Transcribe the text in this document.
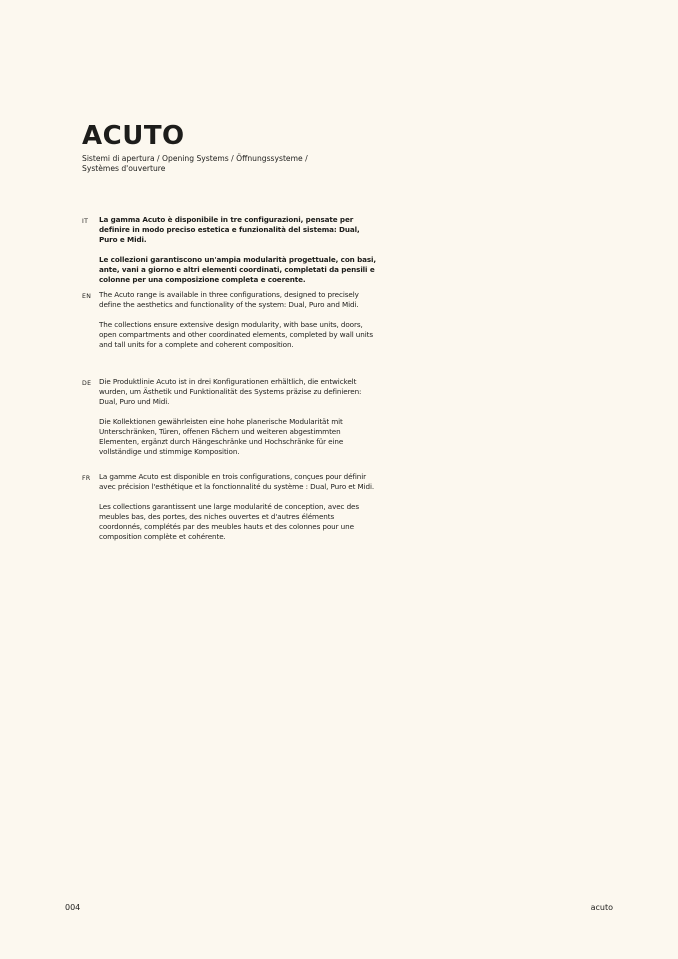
ACUTO
Sistemi di apertura / Opening Systems / Öffnungssysteme / Systèmes d'ouverture
IT La gamma Acuto è disponibile in tre configurazioni, pensate per definire in modo preciso estetica e funzionalità del sistema: Dual, Puro e Midi.

Le collezioni garantiscono un'ampia modularità progettuale, con basi, ante, vani a giorno e altri elementi coordinati, completati da pensili e colonne per una composizione completa e coerente.

EN The Acuto range is available in three configurations, designed to precisely define the aesthetics and functionality of the system: Dual, Puro and Midi.

The collections ensure extensive design modularity, with base units, doors, open compartments and other coordinated elements, completed by wall units and tall units for a complete and coherent composition.

DE Die Produktlinie Acuto ist in drei Konfigurationen erhältlich, die entwickelt wurden, um Ästhetik und Funktionalität des Systems präzise zu definieren: Dual, Puro und Midi.

Die Kollektionen gewährleisten eine hohe planerische Modularität mit Unterschränken, Türen, offenen Fächern und weiteren abgestimmten Elementen, ergänzt durch Hängeschränke und Hochschränke für eine vollständige und stimmige Komposition.

FR La gamme Acuto est disponible en trois configurations, conçues pour définir avec précision l'esthétique et la fonctionnalité du système : Dual, Puro et Midi.

Les collections garantissent une large modularité de conception, avec des meubles bas, des portes, des niches ouvertes et d'autres éléments coordonnés, complétés par des meubles hauts et des colonnes pour une composition complète et cohérente.

004	acuto
